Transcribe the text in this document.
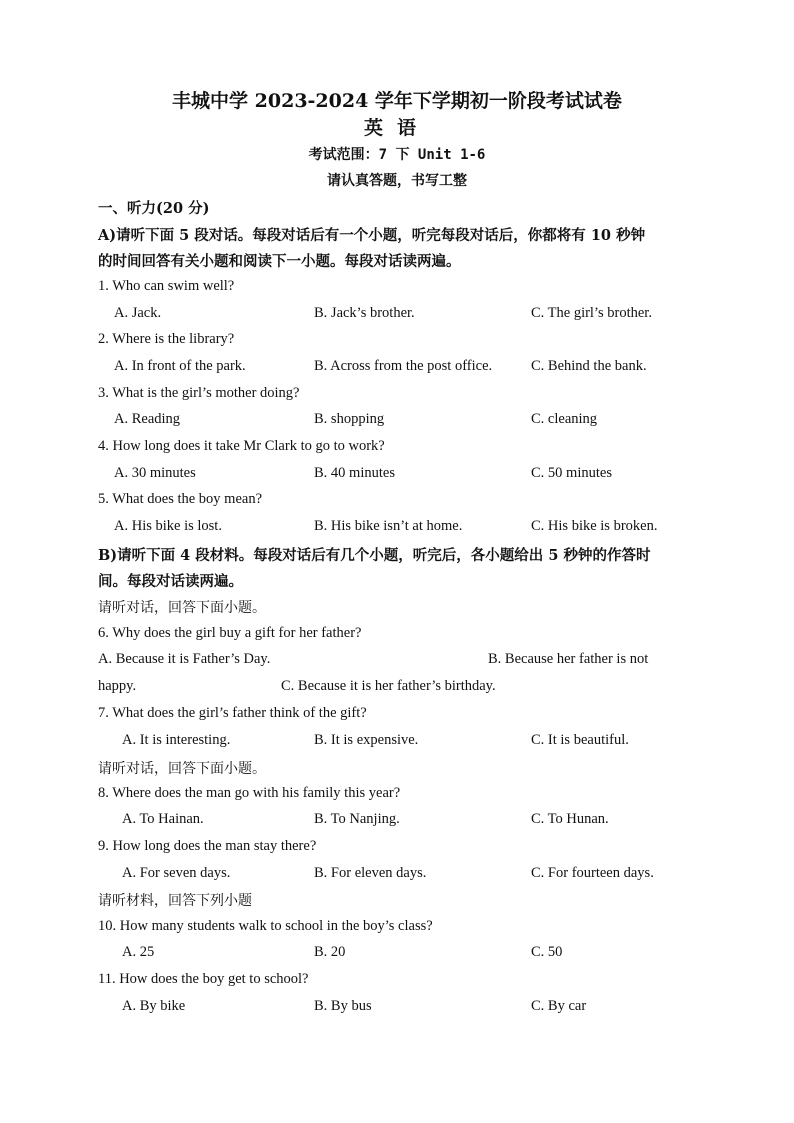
丰城中学 2023-2024 学年下学期初一阶段考试试卷
英语
考试范围：7 下 Unit 1-6
请认真答题，书写工整
一、听力(20 分)
A)请听下面 5 段对话。每段对话后有一个小题，听完每段对话后，你都将有 10 秒钟
的时间回答有关小题和阅读下一小题。每段对话读两遍。
1. Who can swim well?
A. Jack.	B. Jack’s brother.	C. The girl’s brother.
2. Where is the library?
A. In front of the park.	B. Across from the post office.	C. Behind the bank.
3. What is the girl’s mother doing?
A. Reading	B. shopping	C. cleaning
4. How long does it take Mr Clark to go to work?
A. 30 minutes	B. 40 minutes	C. 50 minutes
5. What does the boy mean?
A. His bike is lost.	B. His bike isn’t at home.	C. His bike is broken.
B)请听下面 4 段材料。每段对话后有几个小题，听完后，各小题给出 5 秒钟的作答时
间。每段对话读两遍。
请听对话，回答下面小题。
6. Why does the girl buy a gift for her father?
A. Because it is Father’s Day.	B. Because her father is not
happy.	C. Because it is her father’s birthday.
7. What does the girl’s father think of the gift?
A. It is interesting.	B. It is expensive.	C. It is beautiful.
请听对话，回答下面小题。
8. Where does the man go with his family this year?
A. To Hainan.	B. To Nanjing.	C. To Hunan.
9. How long does the man stay there?
A. For seven days.	B. For eleven days.	C. For fourteen days.
请听材料，回答下列小题
10. How many students walk to school in the boy’s class?
A. 25	B. 20	C. 50
11. How does the boy get to school?
A. By bike	B. By bus	C. By car
